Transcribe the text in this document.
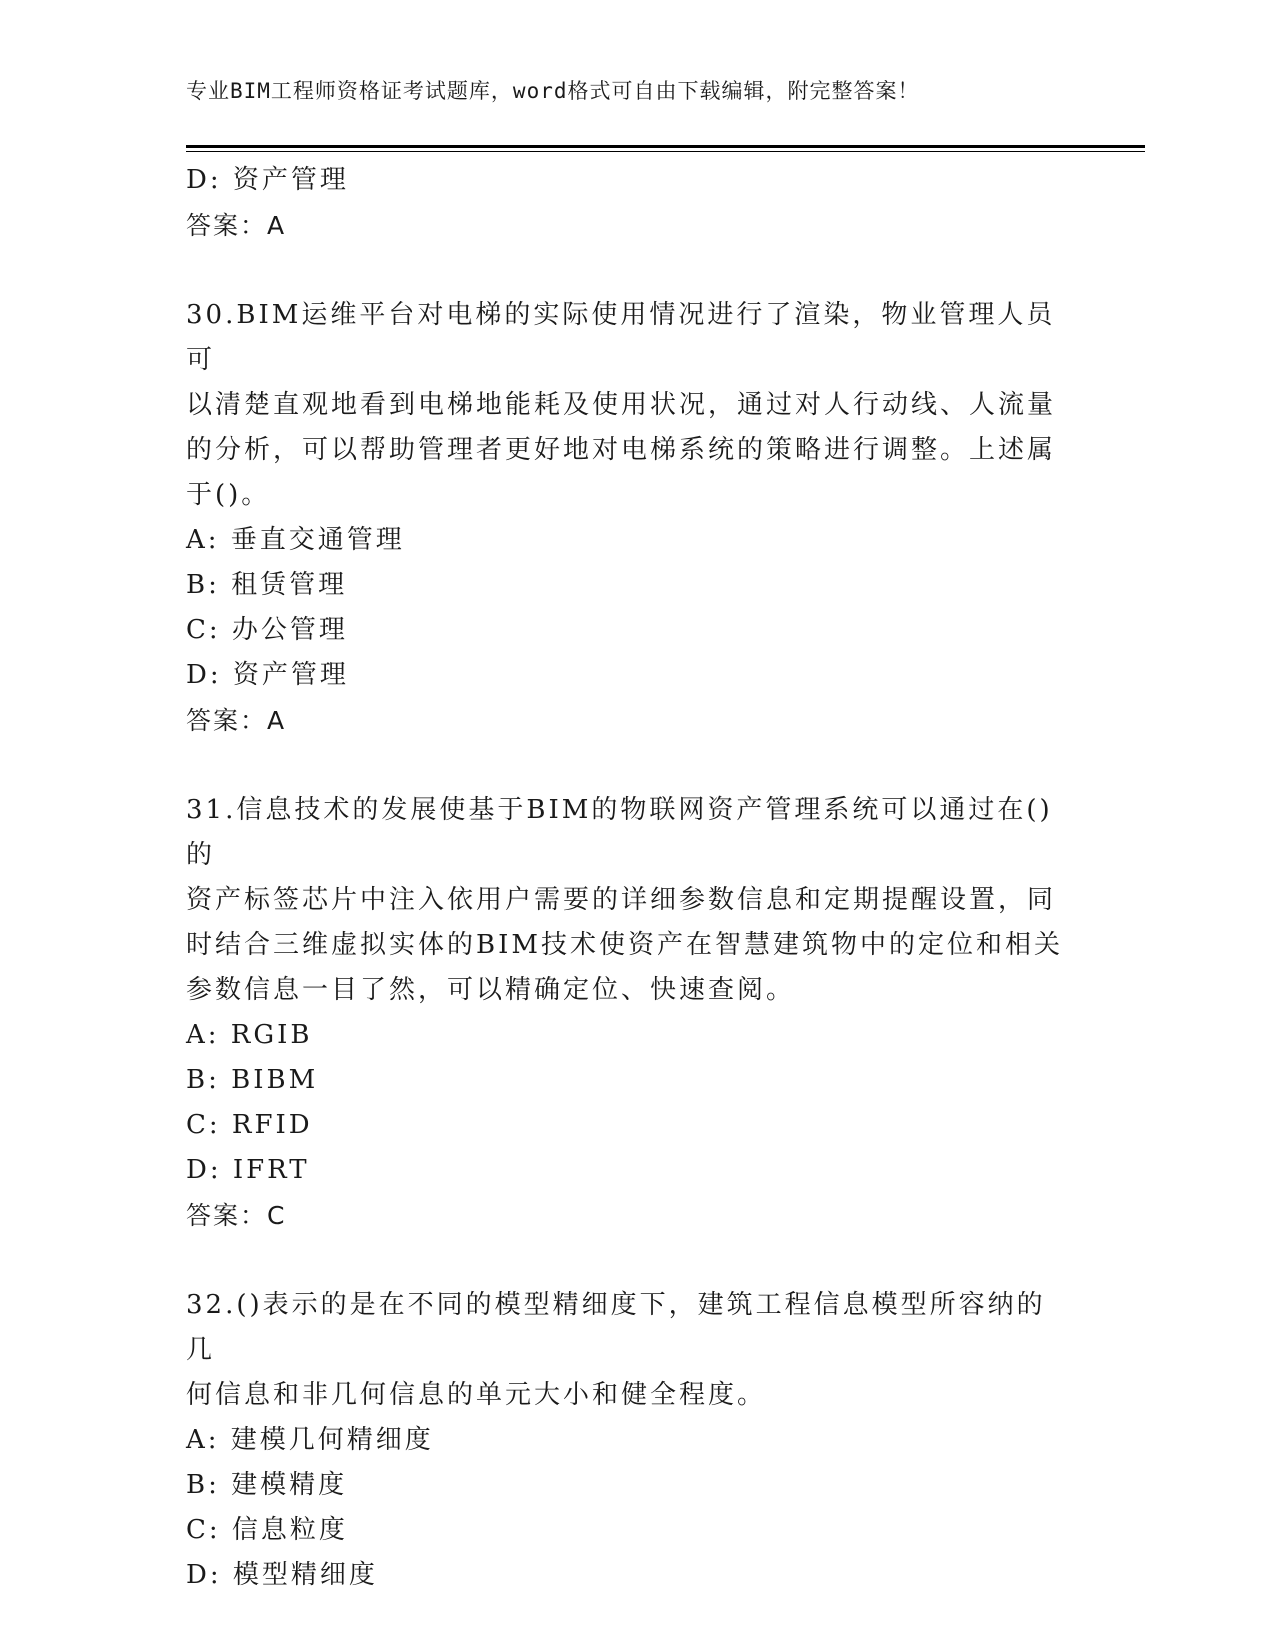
专业BIM工程师资格证考试题库，word格式可自由下载编辑，附完整答案！
D: 资产管理
答案：A
30.BIM运维平台对电梯的实际使用情况进行了渲染，物业管理人员可
以清楚直观地看到电梯地能耗及使用状况，通过对人行动线、人流量
的分析，可以帮助管理者更好地对电梯系统的策略进行调整。上述属
于()。
A: 垂直交通管理
B: 租赁管理
C: 办公管理
D: 资产管理
答案：A
31.信息技术的发展使基于BIM的物联网资产管理系统可以通过在()的
资产标签芯片中注入依用户需要的详细参数信息和定期提醒设置，同
时结合三维虚拟实体的BIM技术使资产在智慧建筑物中的定位和相关
参数信息一目了然，可以精确定位、快速查阅。
A: RGIB
B: BIBM
C: RFID
D: IFRT
答案：C
32.()表示的是在不同的模型精细度下，建筑工程信息模型所容纳的几
何信息和非几何信息的单元大小和健全程度。
A: 建模几何精细度
B: 建模精度
C: 信息粒度
D: 模型精细度
